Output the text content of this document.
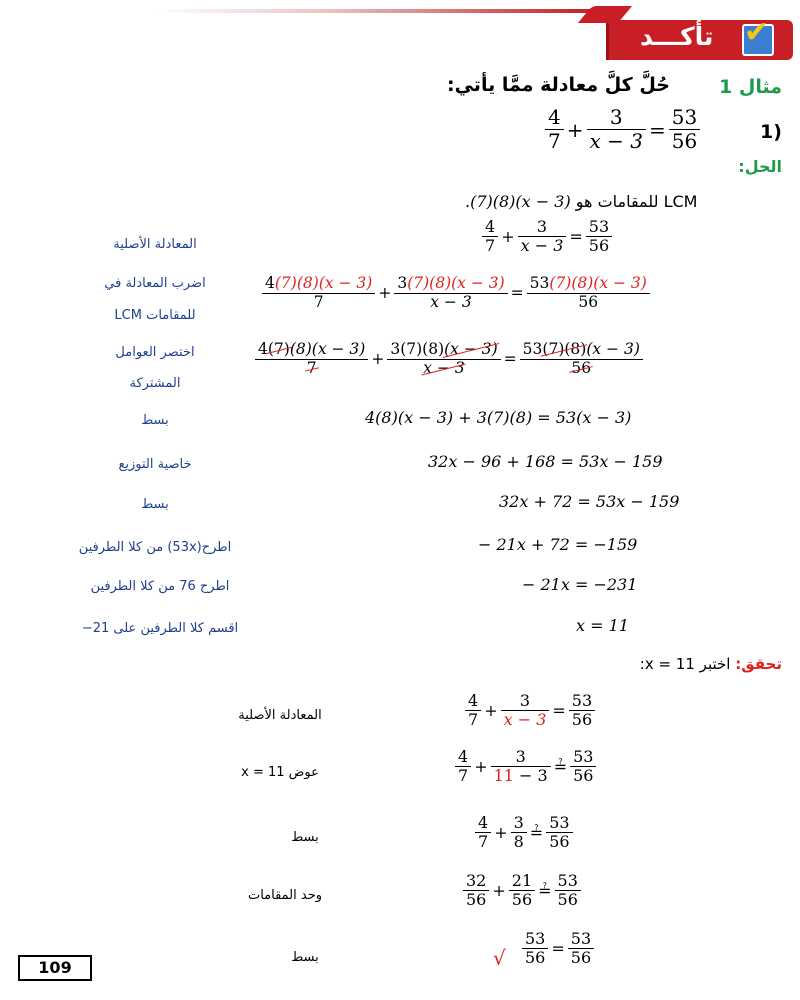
تأكـــد ✔
مثال 1
حُلَّ كلَّ معادلة ممَّا يأتي:
1)
$\frac{4}{7} + \frac{3}{x - 3} = \frac{53}{56}$
الحل:
.(7)(8)(x − 3) LCM للمقامات هو
المعادلة الأصلية	$\frac{4}{7} + \frac{3}{x - 3} = \frac{53}{56}$
اضرب المعادلة في
للمقامات LCM
$\frac{4(7)(8)(x - 3)}{7} + \frac{3(7)(8)(x - 3)}{x - 3} = \frac{53(7)(8)(x - 3)}{56}$
اختصر العوامل
المشتركة
$\frac{4(7)(8)(x - 3)}{7} + \frac{3(7)(8)(x - 3)}{x - 3} = \frac{53(7)(8)(x - 3)}{56}$
بسط	4(8)(x − 3) + 3(7)(8) = 53(x − 3)
خاصية التوزيع	32x − 96 + 168 = 53x − 159
بسط	32x + 72 = 53x − 159
اطرح(53x) من كلا الطرفين	− 21x + 72 = −159
اطرح 76 من كلا الطرفين	− 21x = −231
اقسم كلا الطرفين على 21−	x = 11
تحقق: اختبر x = 11:
المعادلة الأصلية	$\frac{4}{7} + \frac{3}{x - 3} = \frac{53}{56}$
عوض 11 = x	$\frac{4}{7} + \frac{3}{11 - 3}$ ≟ $\frac{53}{56}$
بسط	$\frac{4}{7} + \frac{3}{8}$ ≟ $\frac{53}{56}$
وحد المقامات	$\frac{32}{56} + \frac{21}{56}$ ≟ $\frac{53}{56}$
بسط	√ $\frac{53}{56} = \frac{53}{56}$
109
